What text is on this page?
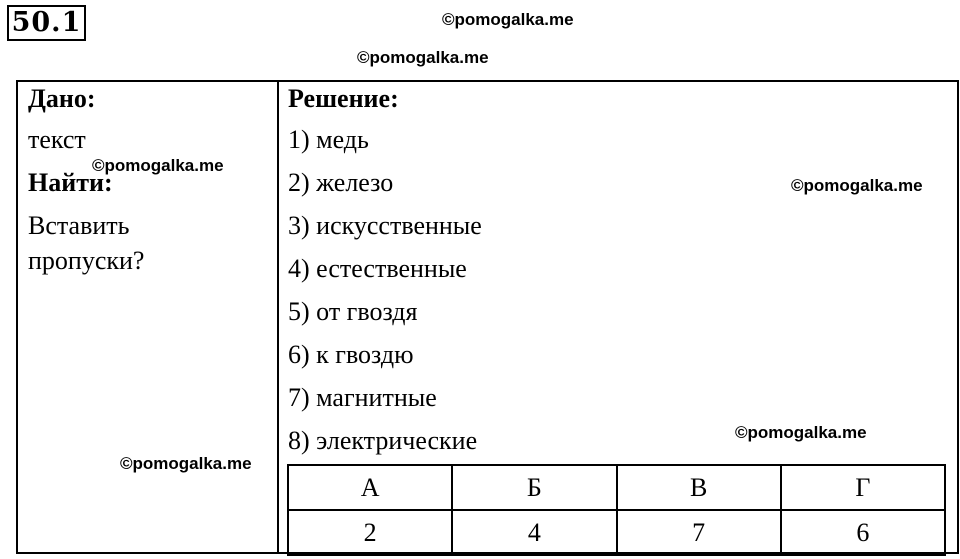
50.1	©pomogalka.me
©pomogalka.me
Дано:
текст
Найти:
©pomogalka.me
Вставить
пропуски?
©pomogalka.me
Решение:
1) медь
2) железо	©pomogalka.me
3) искусственные
4) естественные
5) от гвоздя
6) к гвоздю
7) магнитные
8) электрические	©pomogalka.me
А	Б	В	Г
2	4	7	6
